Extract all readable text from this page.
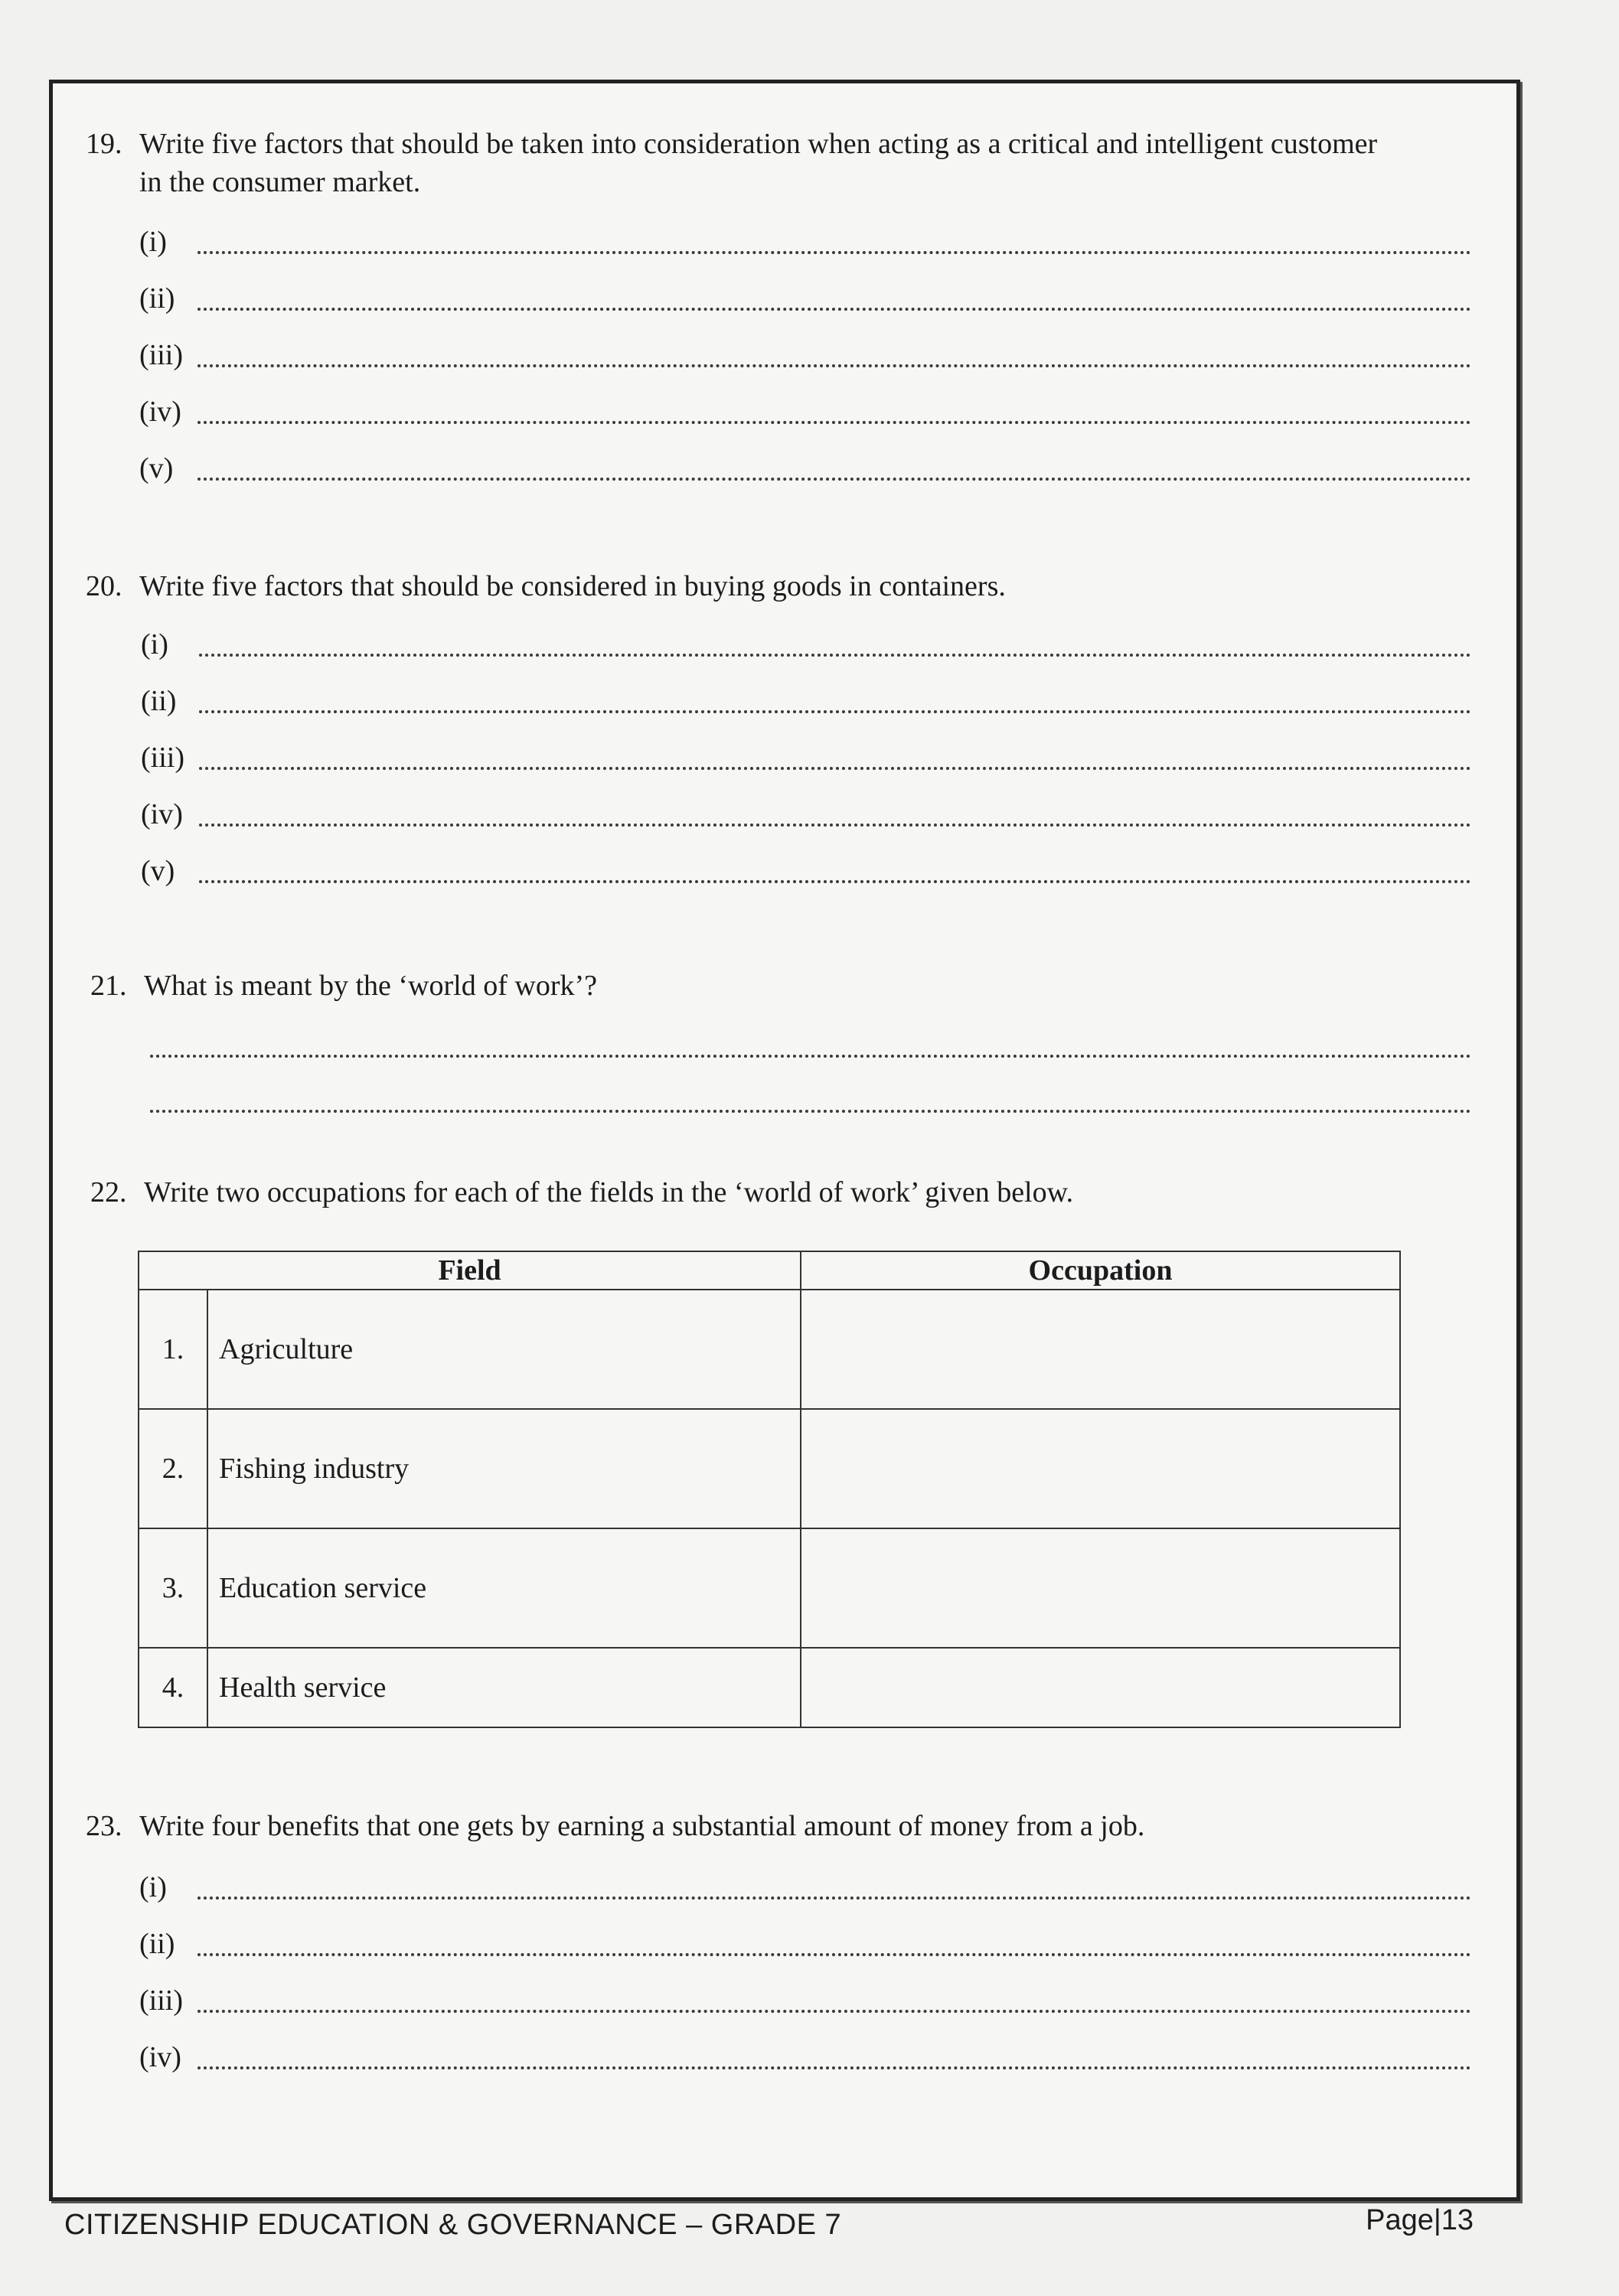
19. Write five factors that should be taken into consideration when acting as a critical and intelligent customer
in the consumer market.
(i)
(ii)
(iii)
(iv)
(v)
20. Write five factors that should be considered in buying goods in containers.
(i)
(ii)
(iii)
(iv)
(v)
21. What is meant by the ‘world of work’?
22. Write two occupations for each of the fields in the ‘world of work’ given below.
Field		Occupation
1.	Agriculture	
2.	Fishing industry	
3.	Education service	
4.	Health service	
23. Write four benefits that one gets by earning a substantial amount of money from a job.
(i)
(ii)
(iii)
(iv)
CITIZENSHIP EDUCATION & GOVERNANCE – GRADE 7	Page|13
